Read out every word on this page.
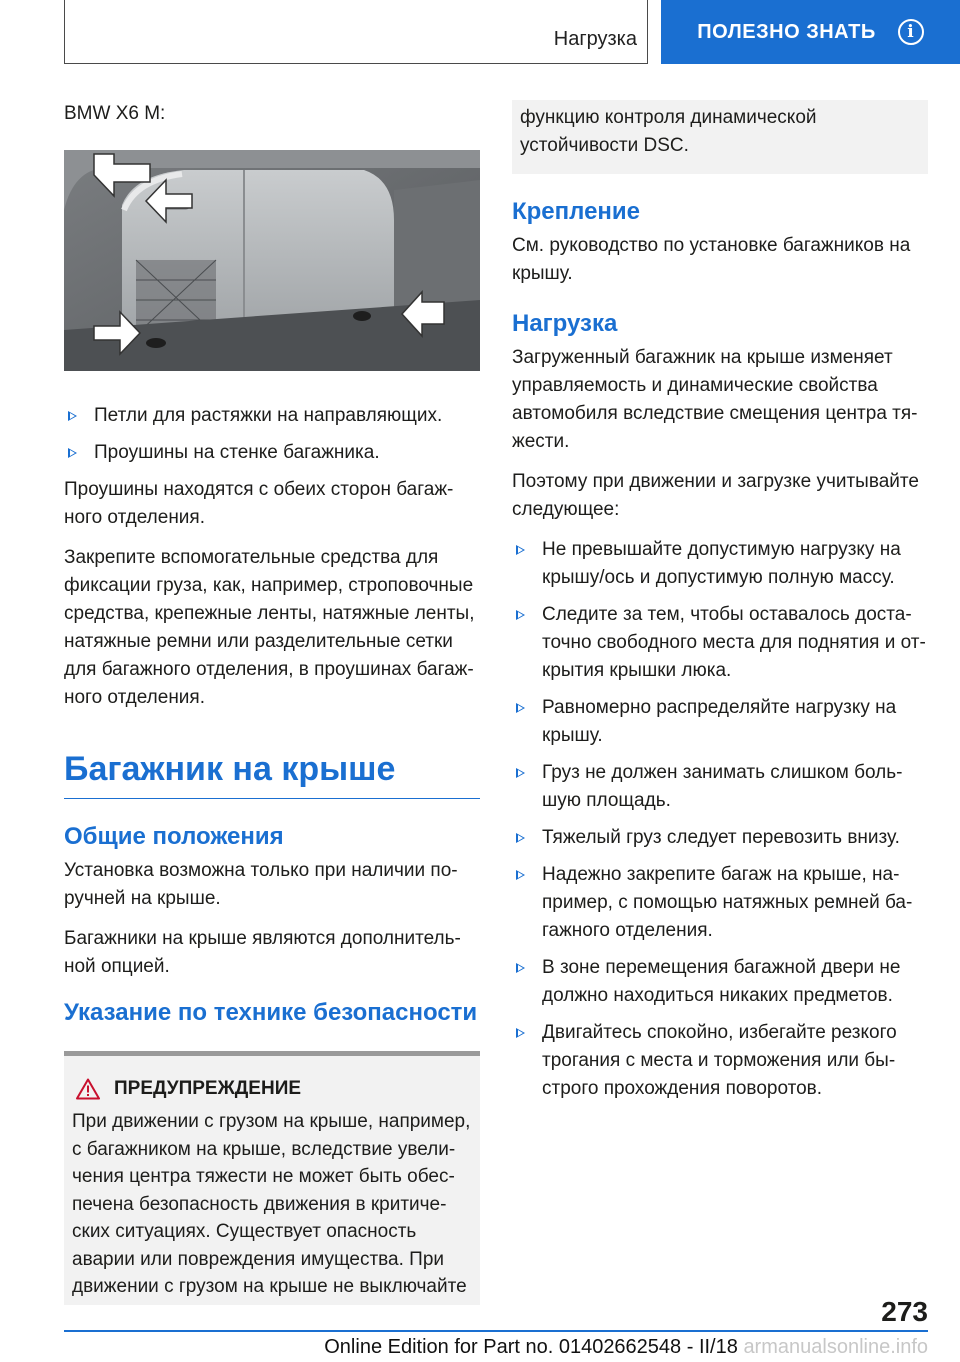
Нагрузка	ПОЛЕЗНО ЗНАТЬ	i
BMW X6 M:
Петли для растяжки на направляющих.
Проушины на стенке багажника.

Проушины находятся с обеих сторон багажного отделения.

Закрепите вспомогательные средства для фиксации груза, как, например, строповочные средства, крепежные ленты, натяжные ленты, натяжные ремни или разделительные сетки для багажного отделения, в проушинах багажного отделения.

Багажник на крыше
Общие положения

Установка возможна только при наличии поручней на крыше.

Багажники на крыше являются дополнительной опцией.

Указание по технике безопасности
ПРЕДУПРЕЖДЕНИЕ

При движении с грузом на крыше, например, с багажником на крыше, вследствие увеличения центра тяжести не может быть обеспечена безопасность движения в критических ситуациях. Существует опасность аварии или повреждения имущества. При движении с грузом на крыше не выключайте

функцию контроля динамической устойчивости DSC.

Крепление

См. руководство по установке багажников на крышу.

Нагрузка

Загруженный багажник на крыше изменяет управляемость и динамические свойства автомобиля вследствие смещения центра тяжести.

Поэтому при движении и загрузке учитывайте следующее:

Не превышайте допустимую нагрузку на крышу/ось и допустимую полную массу.
Следите за тем, чтобы оставалось достаточно свободного места для поднятия и открытия крышки люка.
Равномерно распределяйте нагрузку на крышу.
Груз не должен занимать слишком большую площадь.
Тяжелый груз следует перевозить внизу.
Надежно закрепите багаж на крыше, например, с помощью натяжных ремней багажного отделения.
В зоне перемещения багажной двери не должно находиться никаких предметов.
Двигайтесь спокойно, избегайте резкого трогания с места и торможения или быстрого прохождения поворотов.
273
Online Edition for Part no. 01402662548 - II/18 armanualsonline.info
